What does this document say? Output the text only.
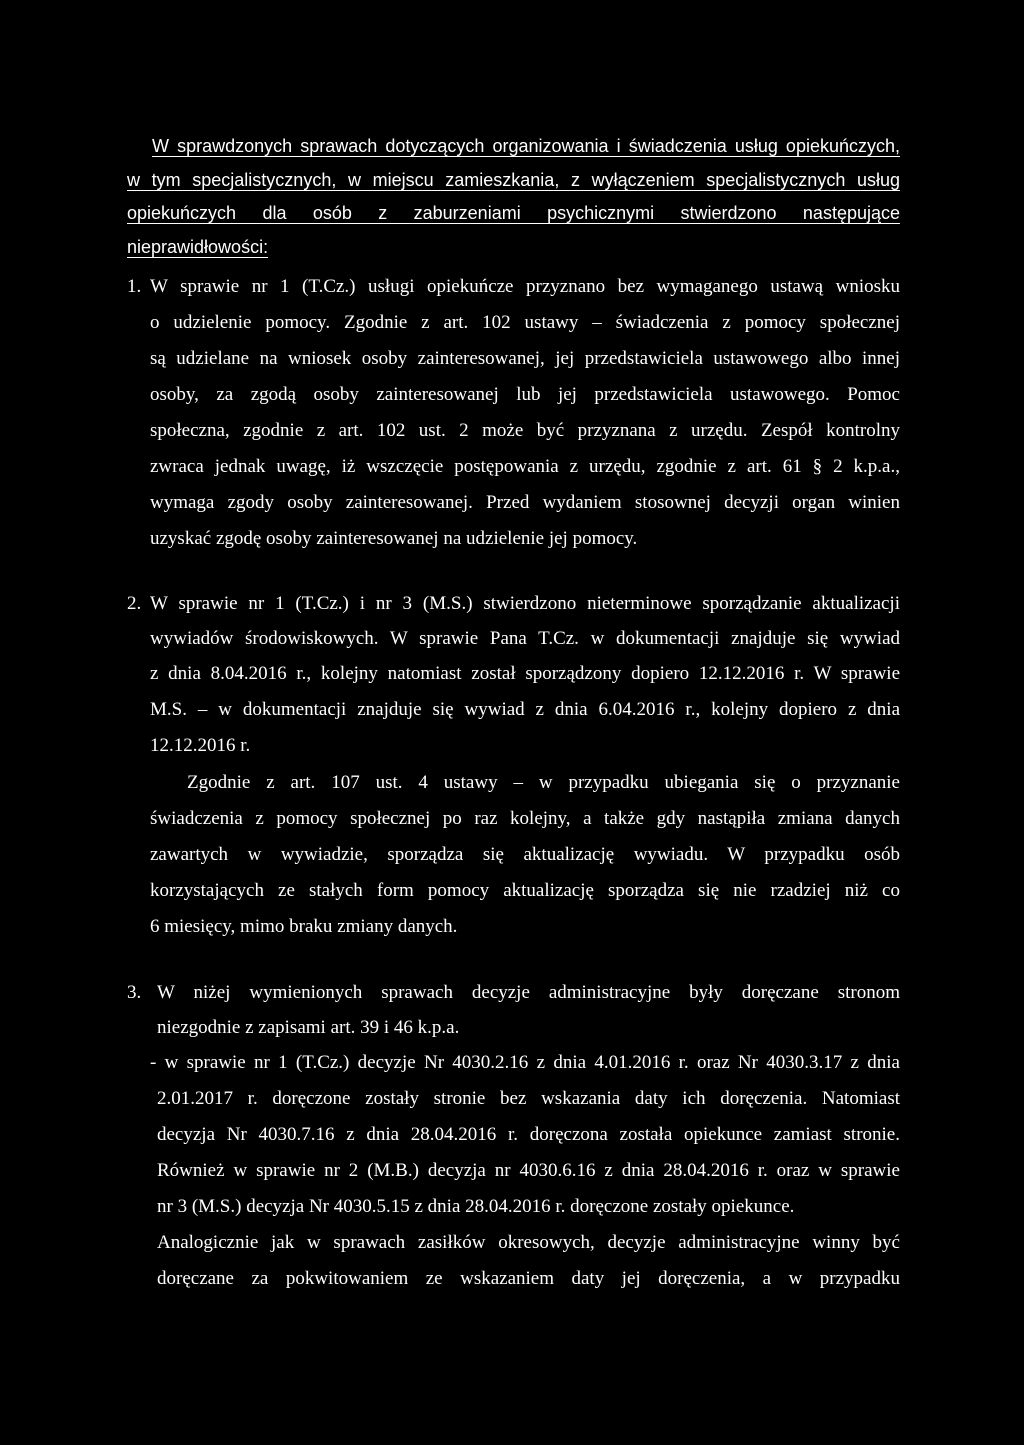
W sprawdzonych sprawach dotyczących organizowania i świadczenia usług opiekuńczych,
w tym specjalistycznych, w miejscu zamieszkania, z wyłączeniem specjalistycznych usług
opiekuńczych dla osób z zaburzeniami psychicznymi stwierdzono następujące
nieprawidłowości:
1. W sprawie nr 1 (T.Cz.) usługi opiekuńcze przyznano bez wymaganego ustawą wniosku
o udzielenie pomocy. Zgodnie z art. 102 ustawy – świadczenia z pomocy społecznej
są udzielane na wniosek osoby zainteresowanej, jej przedstawiciela ustawowego albo innej
osoby, za zgodą osoby zainteresowanej lub jej przedstawiciela ustawowego. Pomoc
społeczna, zgodnie z art. 102 ust. 2 może być przyznana z urzędu. Zespół kontrolny
zwraca jednak uwagę, iż wszczęcie postępowania z urzędu, zgodnie z art. 61 § 2 k.p.a.,
wymaga zgody osoby zainteresowanej. Przed wydaniem stosownej decyzji organ winien
uzyskać zgodę osoby zainteresowanej na udzielenie jej pomocy.
2. W sprawie nr 1 (T.Cz.) i nr 3 (M.S.) stwierdzono nieterminowe sporządzanie aktualizacji
wywiadów środowiskowych. W sprawie Pana T.Cz. w dokumentacji znajduje się wywiad
z dnia 8.04.2016 r., kolejny natomiast został sporządzony dopiero 12.12.2016 r. W sprawie
M.S. – w dokumentacji znajduje się wywiad z dnia 6.04.2016 r., kolejny dopiero z dnia
12.12.2016 r.
Zgodnie z art. 107 ust. 4 ustawy – w przypadku ubiegania się o przyznanie
świadczenia z pomocy społecznej po raz kolejny, a także gdy nastąpiła zmiana danych
zawartych w wywiadzie, sporządza się aktualizację wywiadu. W przypadku osób
korzystających ze stałych form pomocy aktualizację sporządza się nie rzadziej niż co
6 miesięcy, mimo braku zmiany danych.
3. W niżej wymienionych sprawach decyzje administracyjne były doręczane stronom
niezgodnie z zapisami art. 39 i 46 k.p.a.
- w sprawie nr 1 (T.Cz.) decyzje Nr 4030.2.16 z dnia 4.01.2016 r. oraz Nr 4030.3.17 z dnia
2.01.2017 r. doręczone zostały stronie bez wskazania daty ich doręczenia. Natomiast
decyzja Nr 4030.7.16 z dnia 28.04.2016 r. doręczona została opiekunce zamiast stronie.
Również w sprawie nr 2 (M.B.) decyzja nr 4030.6.16 z dnia 28.04.2016 r. oraz w sprawie
nr 3 (M.S.) decyzja Nr 4030.5.15 z dnia 28.04.2016 r. doręczone zostały opiekunce.
Analogicznie jak w sprawach zasiłków okresowych, decyzje administracyjne winny być
doręczane za pokwitowaniem ze wskazaniem daty jej doręczenia, a w przypadku
